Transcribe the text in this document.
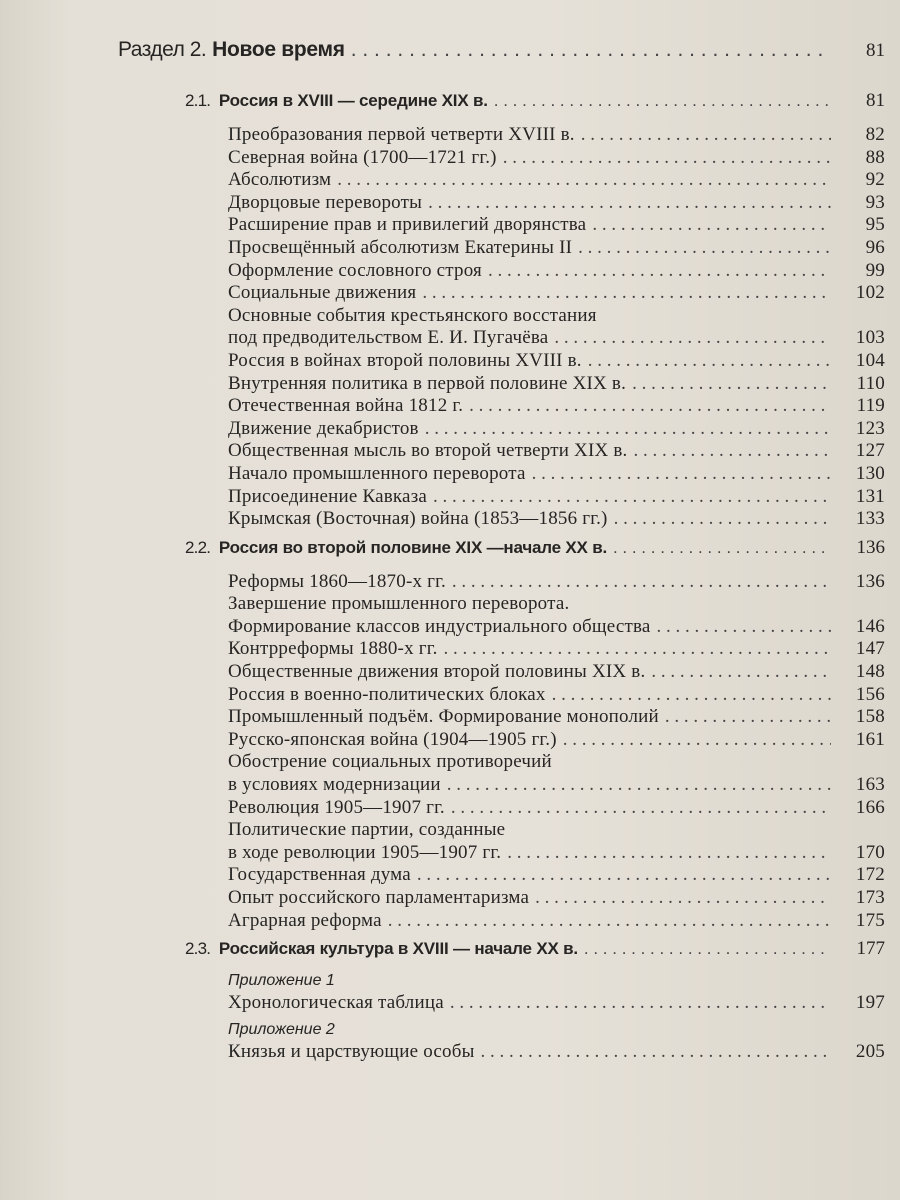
Раздел 2. Новое время . . .	81
2.1. Россия в XVIII — середине XIX в. . . .	81
Преобразования первой четверти XVIII в. . . .	82
Северная война (1700—1721 гг.) . . .	88
Абсолютизм . . .	92
Дворцовые перевороты . . .	93
Расширение прав и привилегий дворянства . . .	95
Просвещённый абсолютизм Екатерины II . . .	96
Оформление сословного строя . . .	99
Социальные движения . . .	102
Основные события крестьянского восстания
под предводительством Е. И. Пугачёва . . .	103
Россия в войнах второй половины XVIII в. . . .	104
Внутренняя политика в первой половине XIX в. . . .	110
Отечественная война 1812 г. . . .	119
Движение декабристов . . .	123
Общественная мысль во второй четверти XIX в. . . .	127
Начало промышленного переворота . . .	130
Присоединение Кавказа . . .	131
Крымская (Восточная) война (1853—1856 гг.) . . .	133
2.2. Россия во второй половине XIX —начале XX в. . . .	136
Реформы 1860—1870-х гг. . . .	136
Завершение промышленного переворота.
Формирование классов индустриального общества . . .	146
Контрреформы 1880-х гг. . . .	147
Общественные движения второй половины XIX в. . . .	148
Россия в военно-политических блоках . . .	156
Промышленный подъём. Формирование монополий . . .	158
Русско-японская война (1904—1905 гг.) . . .	161
Обострение социальных противоречий
в условиях модернизации . . .	163
Революция 1905—1907 гг. . . .	166
Политические партии, созданные
в ходе революции 1905—1907 гг. . . .	170
Государственная дума . . .	172
Опыт российского парламентаризма . . .	173
Аграрная реформа . . .	175
2.3. Российская культура в XVIII — начале XX в. . . .	177
Приложение 1
Хронологическая таблица . . .	197
Приложение 2
Князья и царствующие особы . . .	205
